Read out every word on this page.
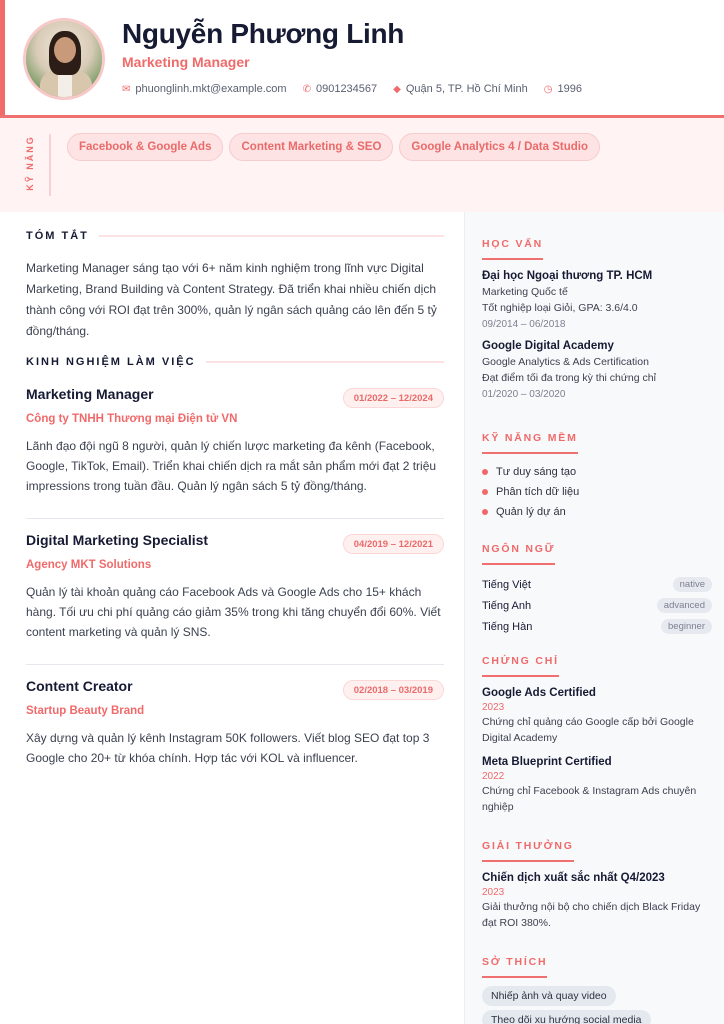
Nguyễn Phương Linh
Marketing Manager
✉ phuonglinh.mkt@example.com ✆ 0901234567 ◆ Quận 5, TP. Hồ Chí Minh ◷ 1996
KỸ NĂNG	Facebook & Google Ads	Content Marketing & SEO	Google Analytics 4 / Data Studio
TÓM TẮT

Marketing Manager sáng tạo với 6+ năm kinh nghiệm trong lĩnh vực Digital Marketing, Brand Building và Content Strategy. Đã triển khai nhiều chiến dịch thành công với ROI đạt trên 300%, quản lý ngân sách quảng cáo lên đến 5 tỷ đồng/tháng.

KINH NGHIỆM LÀM VIỆC
Marketing Manager	01/2022 – 12/2024
Công ty TNHH Thương mại Điện tử VN
Lãnh đạo đội ngũ 8 người, quản lý chiến lược marketing đa kênh (Facebook, Google, TikTok, Email). Triển khai chiến dịch ra mắt sản phẩm mới đạt 2 triệu impressions trong tuần đầu. Quản lý ngân sách 5 tỷ đồng/tháng.
Digital Marketing Specialist	04/2019 – 12/2021
Agency MKT Solutions
Quản lý tài khoản quảng cáo Facebook Ads và Google Ads cho 15+ khách hàng. Tối ưu chi phí quảng cáo giảm 35% trong khi tăng chuyển đổi 60%. Viết content marketing và quản lý SNS.
Content Creator	02/2018 – 03/2019
Startup Beauty Brand
Xây dựng và quản lý kênh Instagram 50K followers. Viết blog SEO đạt top 3 Google cho 20+ từ khóa chính. Hợp tác với KOL và influencer.
HỌC VẤN
Đại học Ngoại thương TP. HCM
Marketing Quốc tế
Tốt nghiệp loại Giỏi, GPA: 3.6/4.0
09/2014 – 06/2018
Google Digital Academy
Google Analytics & Ads Certification
Đạt điểm tối đa trong kỳ thi chứng chỉ
01/2020 – 03/2020
KỸ NĂNG MỀM
Tư duy sáng tạo
Phân tích dữ liệu
Quản lý dự án
NGÔN NGỮ
Tiếng Việt	native
Tiếng Anh	advanced
Tiếng Hàn	beginner
CHỨNG CHỈ
Google Ads Certified
2023
Chứng chỉ quảng cáo Google cấp bởi Google Digital Academy
Meta Blueprint Certified
2022
Chứng chỉ Facebook & Instagram Ads chuyên nghiệp
GIẢI THƯỞNG
Chiến dịch xuất sắc nhất Q4/2023
2023
Giải thưởng nội bộ cho chiến dịch Black Friday đạt ROI 380%.
SỞ THÍCH
Nhiếp ảnh và quay video
Theo dõi xu hướng social media
